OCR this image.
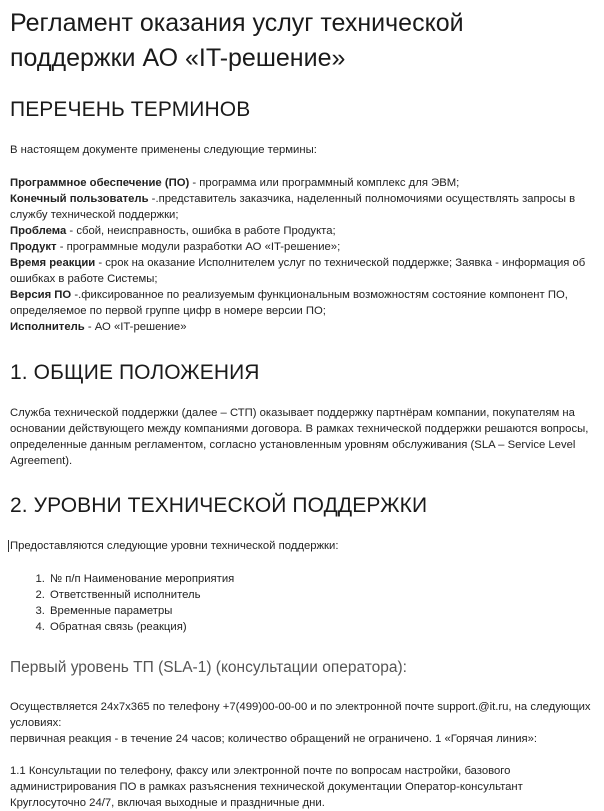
Регламент оказания услуг технической поддержки АО «IT-решение»
ПЕРЕЧЕНЬ ТЕРМИНОВ

В настоящем документе применены следующие термины:

Программное обеспечение (ПО) - программа или программный комплекс для ЭВМ;
Конечный пользователь -.представитель заказчика, наделенный полномочиями осуществлять запросы в службу технической поддержки;
Проблема - сбой, неисправность, ошибка в работе Продукта;
Продукт - программные модули разработки АО «IT-решение»;
Время реакции - срок на оказание Исполнителем услуг по технической поддержке; Заявка - информация об ошибках в работе Системы;
Версия ПО -.фиксированное по реализуемым функциональным возможностям состояние компонент ПО, определяемое по первой группе цифр в номере версии ПО;
Исполнитель - АО «IT-решение»
1. ОБЩИЕ ПОЛОЖЕНИЯ

Служба технической поддержки (далее – СТП) оказывает поддержку партнёрам компании, покупателям на основании действующего между компаниями договора. В рамках технической поддержки решаются вопросы, определенные данным регламентом, согласно установленным уровням обслуживания (SLA – Service Level Agreement).

2. УРОВНИ ТЕХНИЧЕСКОЙ ПОДДЕРЖКИ

Предоставляются следующие уровни технической поддержки:

1. № п/п Наименование мероприятия
2. Ответственный исполнитель
3. Временные параметры
4. Обратная связь (реакция)
Первый уровень ТП (SLA-1) (консультации оператора):

Осуществляется 24х7х365 по телефону +7(499)00-00-00 и по электронной почте support.@it.ru, на следующих условиях:

первичная реакция - в течение 24 часов; количество обращений не ограничено. 1 «Горячая линия»:

1.1 Консультации по телефону, факсу или электронной почте по вопросам настройки, базового администрирования ПО в рамках разъяснения технической документации Оператор-консультант Круглосуточно 24/7, включая выходные и праздничные дни.
